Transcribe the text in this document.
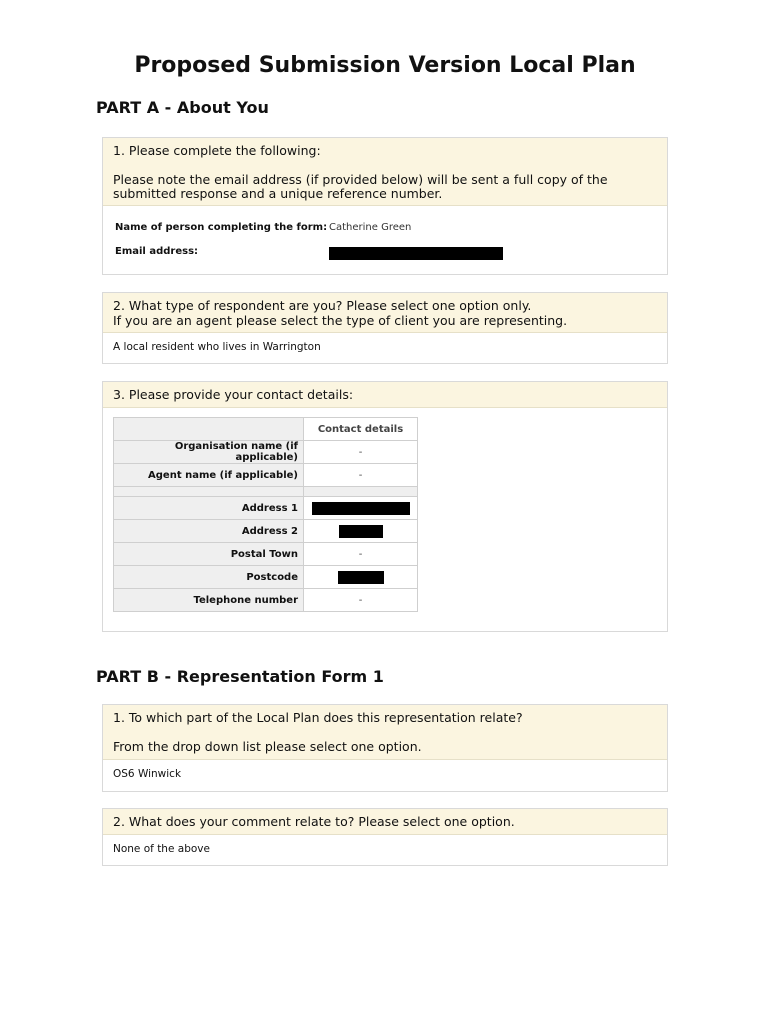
Proposed Submission Version Local Plan
PART A - About You

1. Please complete the following:

Please note the email address (if provided below) will be sent a full copy of the submitted response and a unique reference number.

Name of person completing the form: Catherine Green
Email address:

2. What type of respondent are you? Please select one option only.

If you are an agent please select the type of client you are representing.

A local resident who lives in Warrington

3. Please provide your contact details:

	Contact details
Organisation name (if applicable)	-
Agent name (if applicable)	-

Address 1	
Address 2	
Postal Town	-
Postcode	
Telephone number	-
PART B - Representation Form 1

1. To which part of the Local Plan does this representation relate?

From the drop down list please select one option.

OS6 Winwick

2. What does your comment relate to? Please select one option.

None of the above
